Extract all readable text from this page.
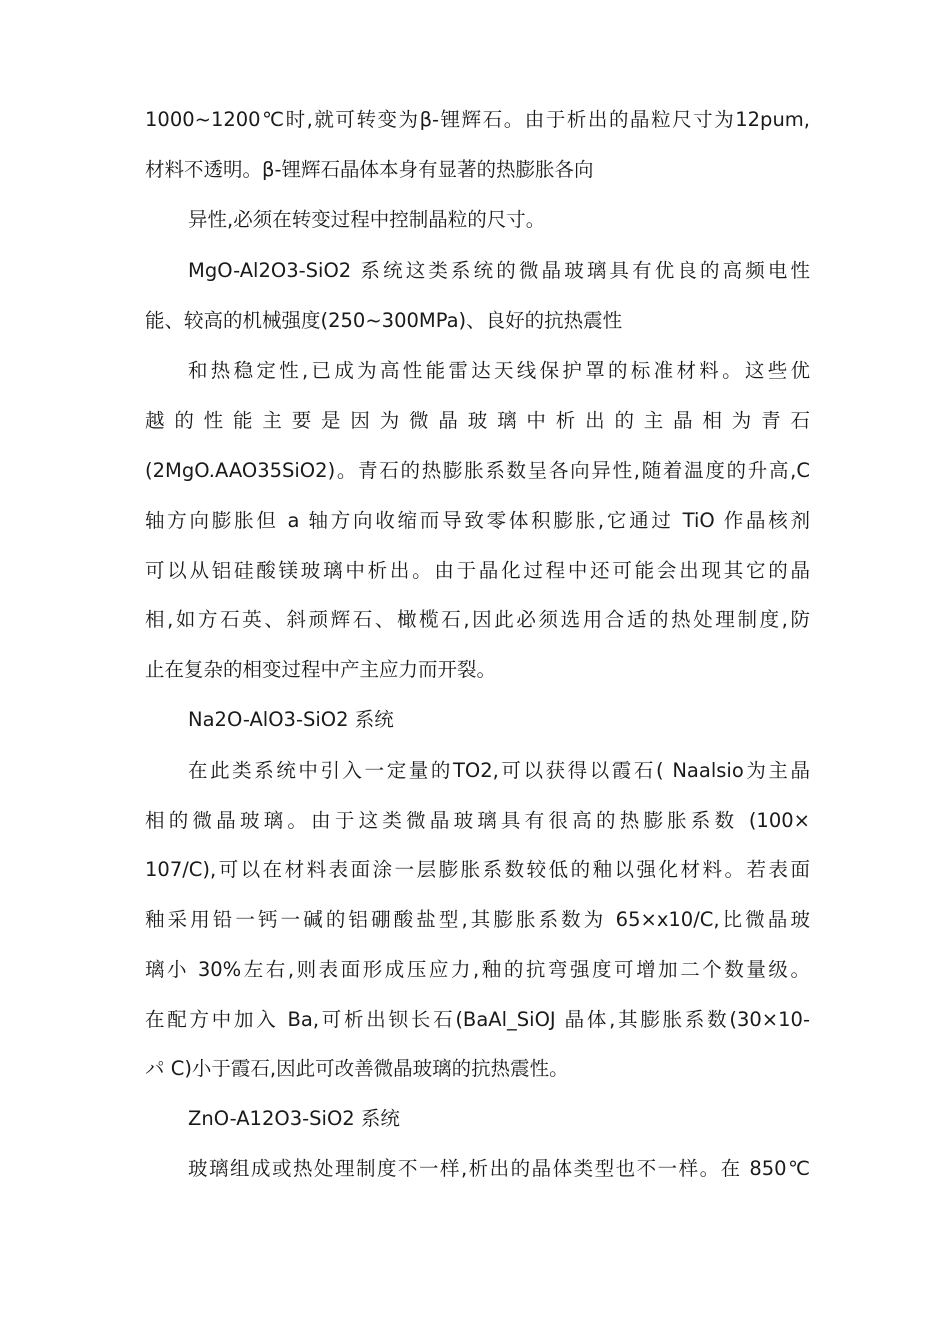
1000~1200℃时,就可转变为β-锂辉石。由于析出的晶粒尺寸为12pum,
材料不透明。β-锂辉石晶体本身有显著的热膨胀各向
异性,必须在转变过程中控制晶粒的尺寸。
MgO-Al2O3-SiO2 系统这类系统的微晶玻璃具有优良的高频电性
能、较高的机械强度(250~300MPa)、良好的抗热震性
和热稳定性,已成为高性能雷达天线保护罩的标准材料。这些优
越的性能主要是因为微晶玻璃中析出的主晶相为青石
(2MgO.AAO35SiO2)。青石的热膨胀系数呈各向异性,随着温度的升高,C
轴方向膨胀但 a 轴方向收缩而导致零体积膨胀,它通过 TiO 作晶核剂
可以从铝硅酸镁玻璃中析出。由于晶化过程中还可能会出现其它的晶
相,如方石英、斜顽辉石、橄榄石,因此必须选用合适的热处理制度,防
止在复杂的相变过程中产主应力而开裂。
Na2O-AlO3-SiO2 系统
在此类系统中引入一定量的TO2,可以获得以霞石( Naalsio为主晶
相的微晶玻璃。由于这类微晶玻璃具有很高的热膨胀系数 (100×
107/C),可以在材料表面涂一层膨胀系数较低的釉以强化材料。若表面
釉采用铅一钙一碱的铝硼酸盐型,其膨胀系数为 65×x10/C,比微晶玻
璃小 30%左右,则表面形成压应力,釉的抗弯强度可增加二个数量级。
在配方中加入 Ba,可析出钡长石(BaAl_SiOJ 晶体,其膨胀系数(30×10-
パ C)小于霞石,因此可改善微晶玻璃的抗热震性。
ZnO-A12O3-SiO2 系统
玻璃组成或热处理制度不一样,析出的晶体类型也不一样。在 850℃
